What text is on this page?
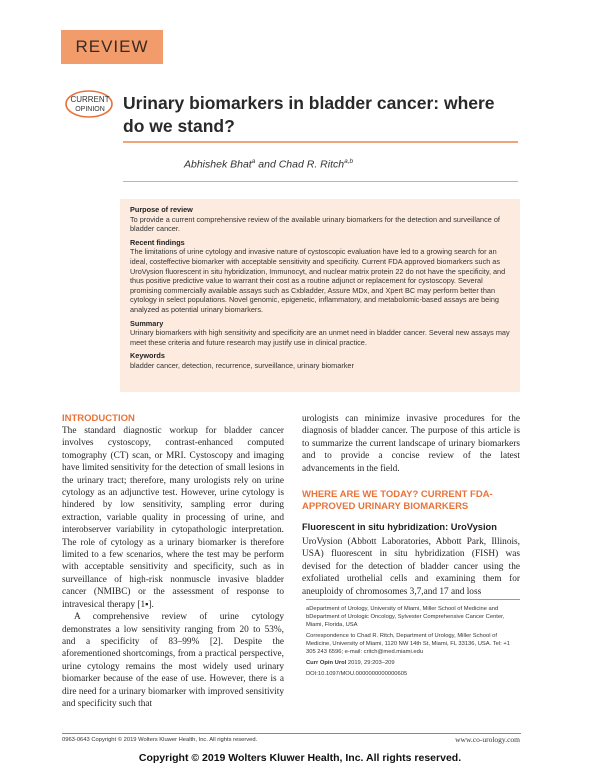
REVIEW
CURRENT
OPINION Urinary biomarkers in bladder cancer: where do we stand?
Abhishek Bhat$^a$ and Chad R. Ritch$^{a,b}$
Purpose of review
To provide a current comprehensive review of the available urinary biomarkers for the detection and surveillance of bladder cancer.
Recent findings
The limitations of urine cytology and invasive nature of cystoscopic evaluation have led to a growing search for an ideal, costeffective biomarker with acceptable sensitivity and specificity. Current FDA approved biomarkers such as UroVysion fluorescent in situ hybridization, Immunocyt, and nuclear matrix protein 22 do not have the specificity, and thus positive predictive value to warrant their cost as a routine adjunct or replacement for cystoscopy. Several promising commercially available assays such as Cxbladder, Assure MDx, and Xpert BC may perform better than cytology in select populations. Novel genomic, epigenetic, inflammatory, and metabolomic-based assays are being analyzed as potential urinary biomarkers.
Summary
Urinary biomarkers with high sensitivity and specificity are an unmet need in bladder cancer. Several new assays may meet these criteria and future research may justify use in clinical practice.
Keywords
bladder cancer, detection, recurrence, surveillance, urinary biomarker
INTRODUCTION

The standard diagnostic workup for bladder cancer involves cystoscopy, contrast-enhanced computed tomography (CT) scan, or MRI. Cystoscopy and imaging have limited sensitivity for the detection of small lesions in the urinary tract; therefore, many urologists rely on urine cytology as an adjunctive test. However, urine cytology is hindered by low sensitivity, sampling error during extraction, variable quality in processing of urine, and interobserver variability in cytopathologic interpretation. The role of cytology as a urinary biomarker is therefore limited to a few scenarios, where the test may be perform with acceptable sensitivity and specificity, such as in surveillance of high-risk nonmuscle invasive bladder cancer (NMIBC) or the assessment of response to intravesical therapy [1▪].

A comprehensive review of urine cytology demonstrates a low sensitivity ranging from 20 to 53%, and a specificity of 83–99% [2]. Despite the aforementioned shortcomings, from a practical perspective, urine cytology remains the most widely used urinary biomarker because of the ease of use. However, there is a dire need for a urinary biomarker with improved sensitivity and specificity such that

urologists can minimize invasive procedures for the diagnosis of bladder cancer. The purpose of this article is to summarize the current landscape of urinary biomarkers and to provide a concise review of the latest advancements in the field.

WHERE ARE WE TODAY? CURRENT FDA-APPROVED URINARY BIOMARKERS
Fluorescent in situ hybridization: UroVysion

UroVysion (Abbott Laboratories, Abbott Park, Illinois, USA) fluorescent in situ hybridization (FISH) was devised for the detection of bladder cancer using the exfoliated urothelial cells and examining them for aneuploidy of chromosomes 3,7,and 17 and loss

aDepartment of Urology, University of Miami, Miller School of Medicine and bDepartment of Urologic Oncology, Sylvester Comprehensive Cancer Center, Miami, Florida, USA

Correspondence to Chad R. Ritch, Department of Urology, Miller School of Medicine, University of Miami, 1120 NW 14th St, Miami, FL 33136, USA. Tel: +1 305 243 6596; e-mail: critch@med.miami.edu

Curr Opin Urol 2019, 29:203–209

DOI:10.1097/MOU.0000000000000605

0963-0643 Copyright © 2019 Wolters Kluwer Health, Inc. All rights reserved.	www.co-urology.com
Copyright © 2019 Wolters Kluwer Health, Inc. All rights reserved.
